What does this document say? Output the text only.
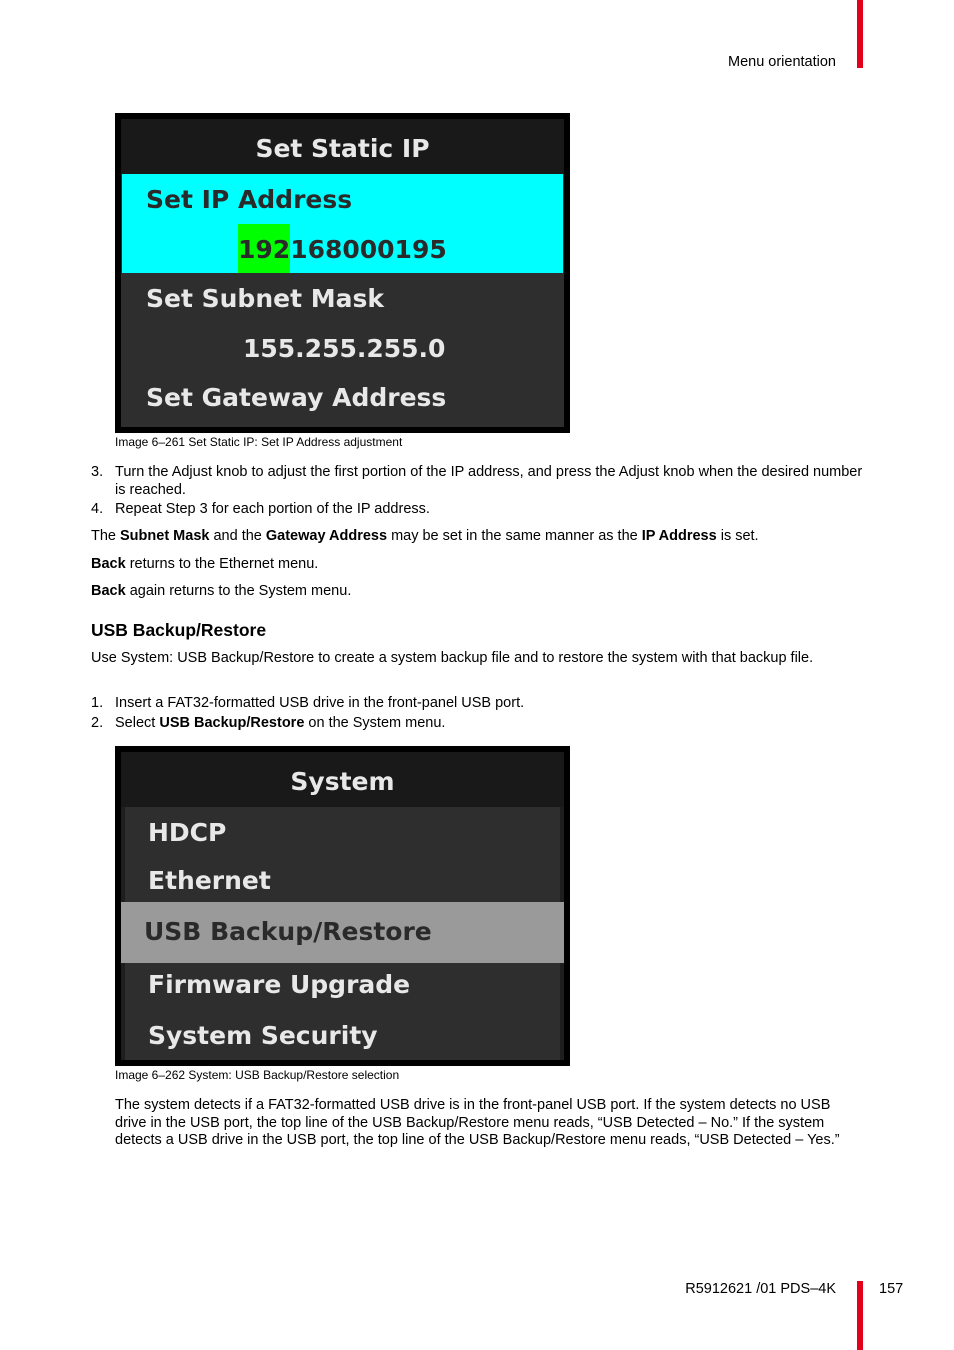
Menu orientation
Set Static IP
Set IP Address
192168000195
Set Subnet Mask
155.255.255.0
Set Gateway Address
Image 6–261 Set Static IP: Set IP Address adjustment
3. Turn the Adjust knob to adjust the first portion of the IP address, and press the Adjust knob when the desired number is reached.
4. Repeat Step 3 for each portion of the IP address.
The Subnet Mask and the Gateway Address may be set in the same manner as the IP Address is set.
Back returns to the Ethernet menu.
Back again returns to the System menu.
USB Backup/Restore
Use System: USB Backup/Restore to create a system backup file and to restore the system with that backup file.
1. Insert a FAT32-formatted USB drive in the front-panel USB port.
2. Select USB Backup/Restore on the System menu.
System
HDCP
Ethernet
USB Backup/Restore
Firmware Upgrade
System Security
Image 6–262 System: USB Backup/Restore selection
The system detects if a FAT32-formatted USB drive is in the front-panel USB port. If the system detects no USB drive in the USB port, the top line of the USB Backup/Restore menu reads, “USB Detected – No.” If the system detects a USB drive in the USB port, the top line of the USB Backup/Restore menu reads, “USB Detected – Yes.”
R5912621 /01 PDS–4K	157
